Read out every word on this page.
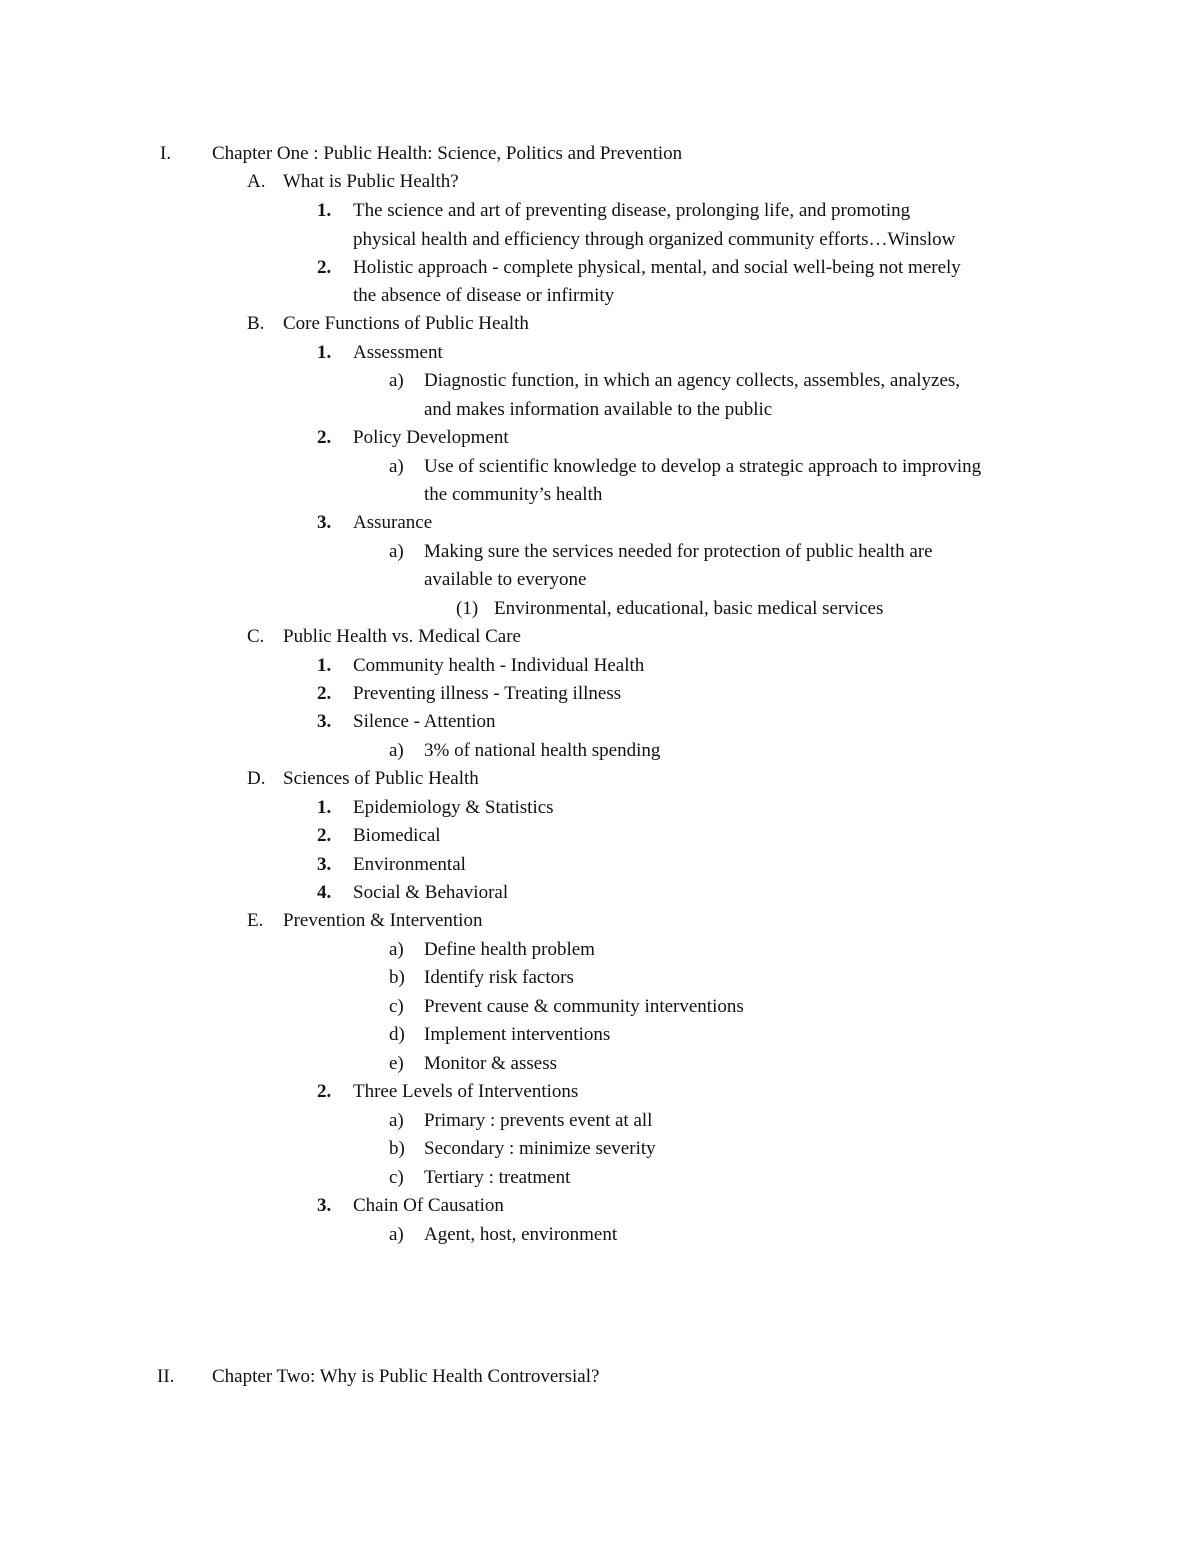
I. Chapter One : Public Health: Science, Politics and Prevention
A. What is Public Health?
1. The science and art of preventing disease, prolonging life, and promoting
physical health and efficiency through organized community efforts…Winslow
2. Holistic approach - complete physical, mental, and social well-being not merely
the absence of disease or infirmity
B. Core Functions of Public Health
1. Assessment
a) Diagnostic function, in which an agency collects, assembles, analyzes,
and makes information available to the public
2. Policy Development
a) Use of scientific knowledge to develop a strategic approach to improving
the community’s health
3. Assurance
a) Making sure the services needed for protection of public health are
available to everyone
(1) Environmental, educational, basic medical services
C. Public Health vs. Medical Care
1. Community health - Individual Health
2. Preventing illness - Treating illness
3. Silence - Attention
a) 3% of national health spending
D. Sciences of Public Health
1. Epidemiology & Statistics
2. Biomedical
3. Environmental
4. Social & Behavioral
E. Prevention & Intervention
a) Define health problem
b) Identify risk factors
c) Prevent cause & community interventions
d) Implement interventions
e) Monitor & assess
2. Three Levels of Interventions
a) Primary : prevents event at all
b) Secondary : minimize severity
c) Tertiary : treatment
3. Chain Of Causation
a) Agent, host, environment
II. Chapter Two: Why is Public Health Controversial?
